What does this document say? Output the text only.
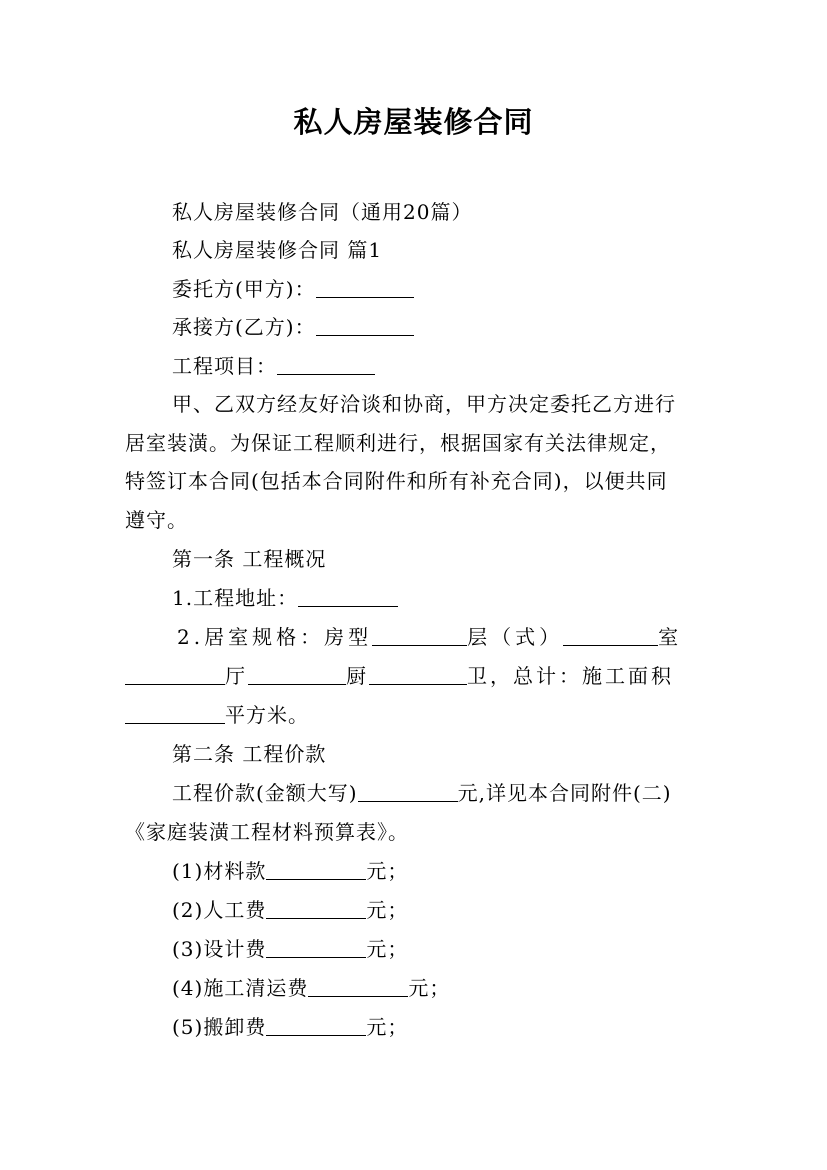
私人房屋装修合同
私人房屋装修合同（通用20篇）
私人房屋装修合同 篇1
委托方(甲方)：
承接方(乙方)：
工程项目：
甲、乙双方经友好洽谈和协商，甲方决定委托乙方进行
居室装潢。为保证工程顺利进行，根据国家有关法律规定，
特签订本合同(包括本合同附件和所有补充合同)，以便共同
遵守。
第一条 工程概况
1.工程地址：
2.居室规格：房型	层（式）	室
厅	厨	卫，总计：施工面积
平方米。
第二条 工程价款
工程价款(金额大写)	元,详见本合同附件(二)
《家庭装潢工程材料预算表》。
(1)材料款	元；
(2)人工费	元；
(3)设计费	元；
(4)施工清运费	元；
(5)搬卸费	元；
